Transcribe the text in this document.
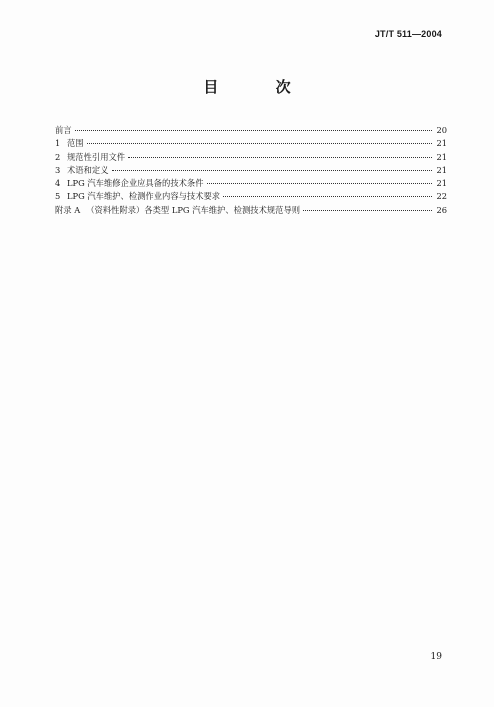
JT/T 511—2004
目 次
前言	20
1 范围	21
2 规范性引用文件	21
3 术语和定义	21
4 LPG 汽车维修企业应具备的技术条件	21
5 LPG 汽车维护、检测作业内容与技术要求	22
附录 A （资料性附录）各类型 LPG 汽车维护、检测技术规范导则	26
19
